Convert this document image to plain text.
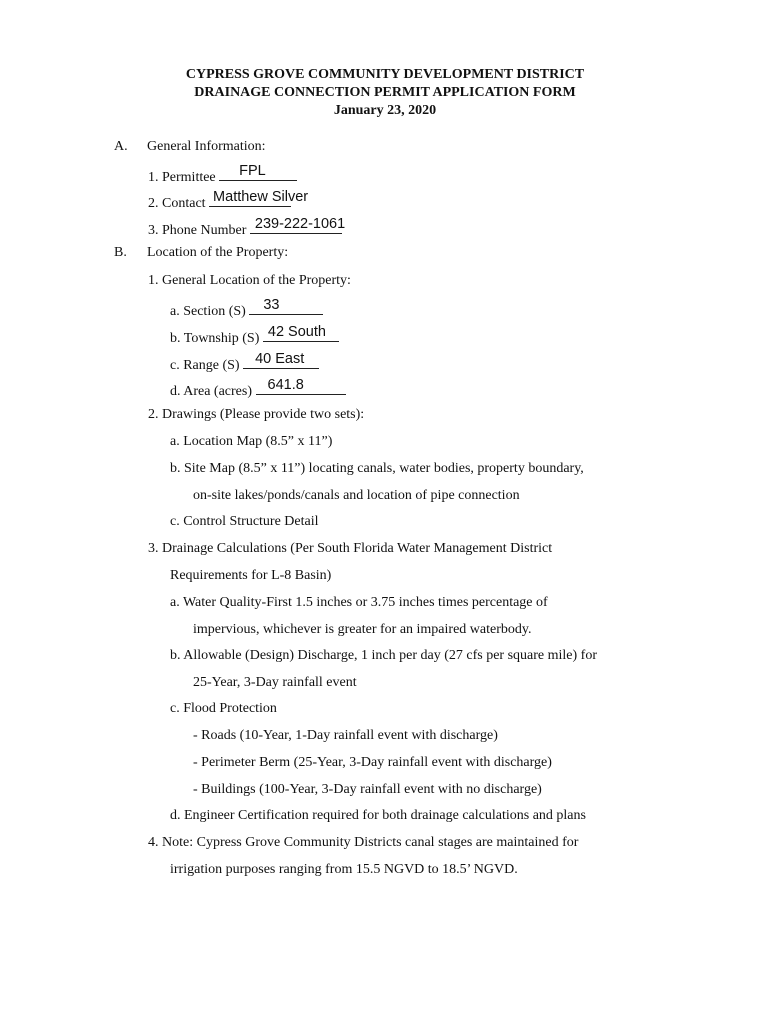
CYPRESS GROVE COMMUNITY DEVELOPMENT DISTRICT
DRAINAGE CONNECTION PERMIT APPLICATION FORM
January 23, 2020
A. General Information:
1. Permittee FPL
2. Contact Matthew Silver
3. Phone Number 239-222-1061
B. Location of the Property:
1. General Location of the Property:
a. Section (S) 33
b. Township (S) 42 South
c. Range (S) 40 East
d. Area (acres) 641.8
2. Drawings (Please provide two sets):
a. Location Map (8.5” x 11”)
b. Site Map (8.5” x 11”) locating canals, water bodies, property boundary,
on-site lakes/ponds/canals and location of pipe connection
c. Control Structure Detail
3. Drainage Calculations (Per South Florida Water Management District
Requirements for L-8 Basin)
a. Water Quality-First 1.5 inches or 3.75 inches times percentage of
impervious, whichever is greater for an impaired waterbody.
b. Allowable (Design) Discharge, 1 inch per day (27 cfs per square mile) for
25-Year, 3-Day rainfall event
c. Flood Protection
- Roads (10-Year, 1-Day rainfall event with discharge)
- Perimeter Berm (25-Year, 3-Day rainfall event with discharge)
- Buildings (100-Year, 3-Day rainfall event with no discharge)
d. Engineer Certification required for both drainage calculations and plans
4. Note: Cypress Grove Community Districts canal stages are maintained for
irrigation purposes ranging from 15.5 NGVD to 18.5’ NGVD.
